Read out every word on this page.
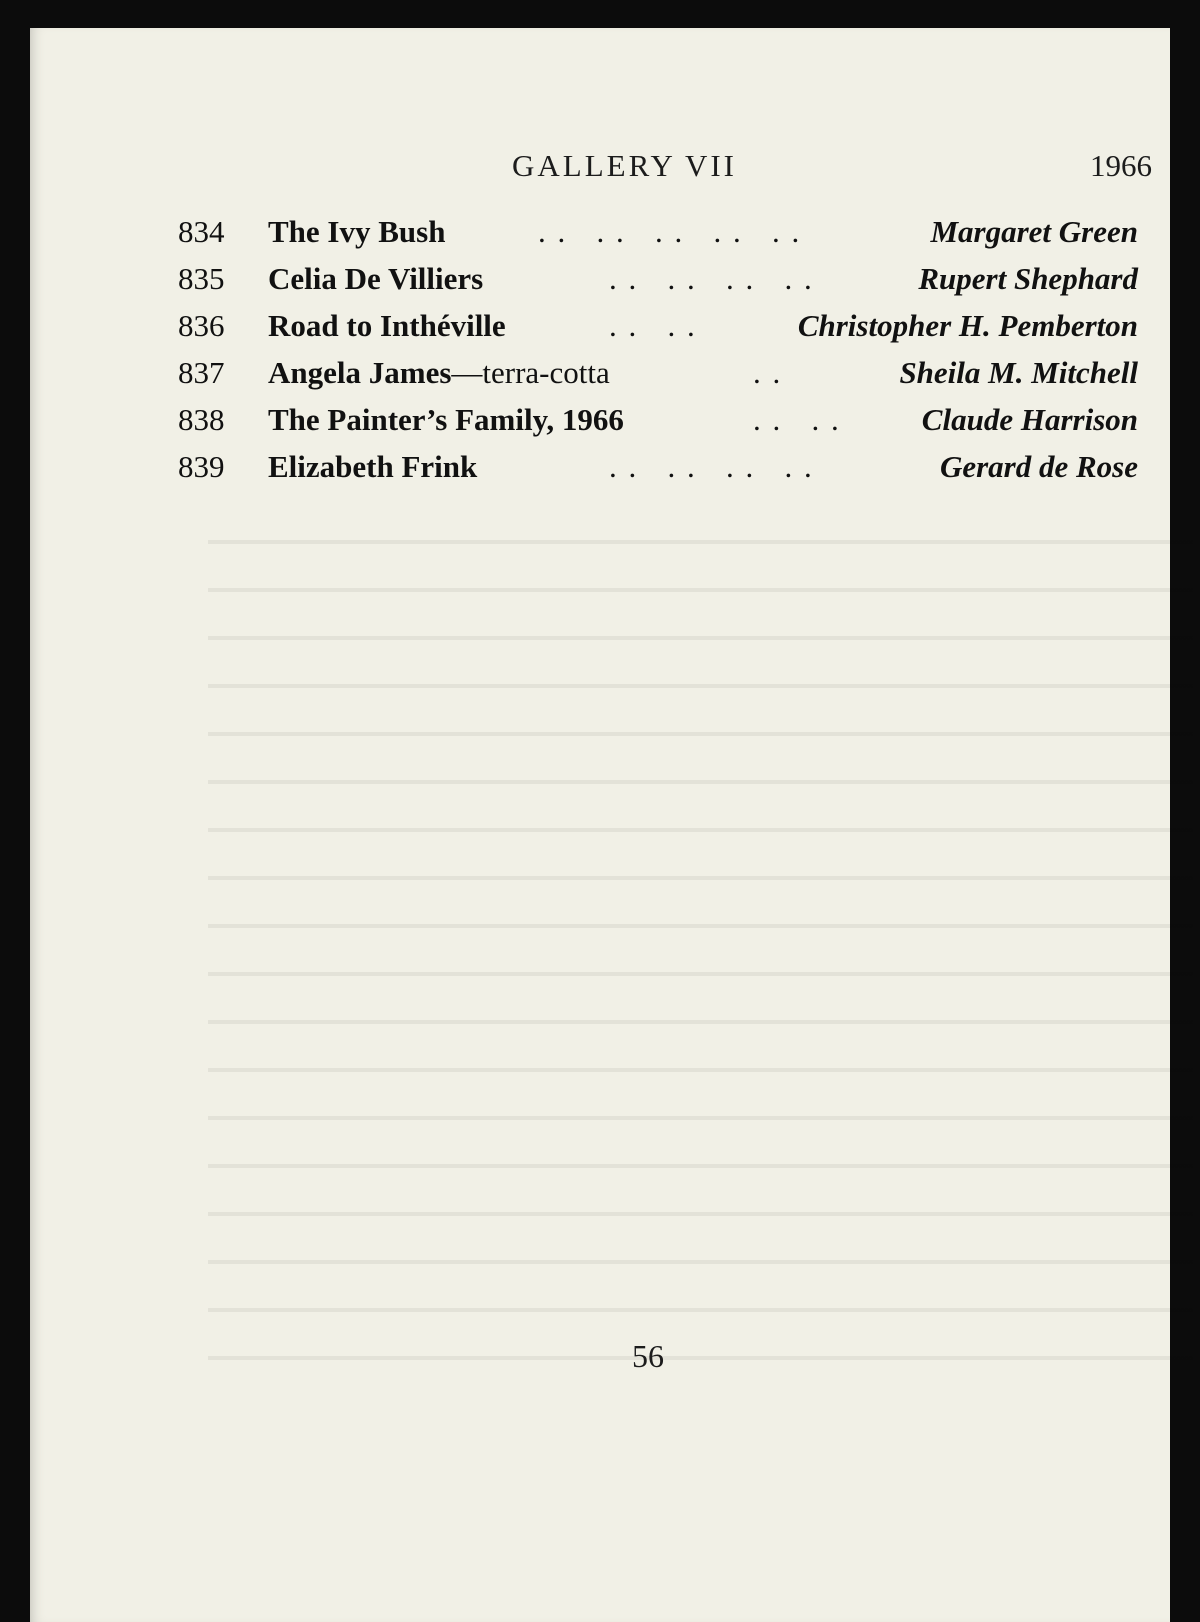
GALLERY VII	1966
834 The Ivy Bush	. .   . .   . .   . .   . .	Margaret Green
835 Celia De Villiers	. .   . .   . .   . .	Rupert Shephard
836 Road to Inthéville	. .   . .	Christopher H. Pemberton
837 Angela James—terra-cotta	. .	Sheila M. Mitchell
838 The Painter’s Family, 1966	. .   . .	Claude Harrison
839 Elizabeth Frink	. .   . .   . .   . .	Gerard de Rose
56
